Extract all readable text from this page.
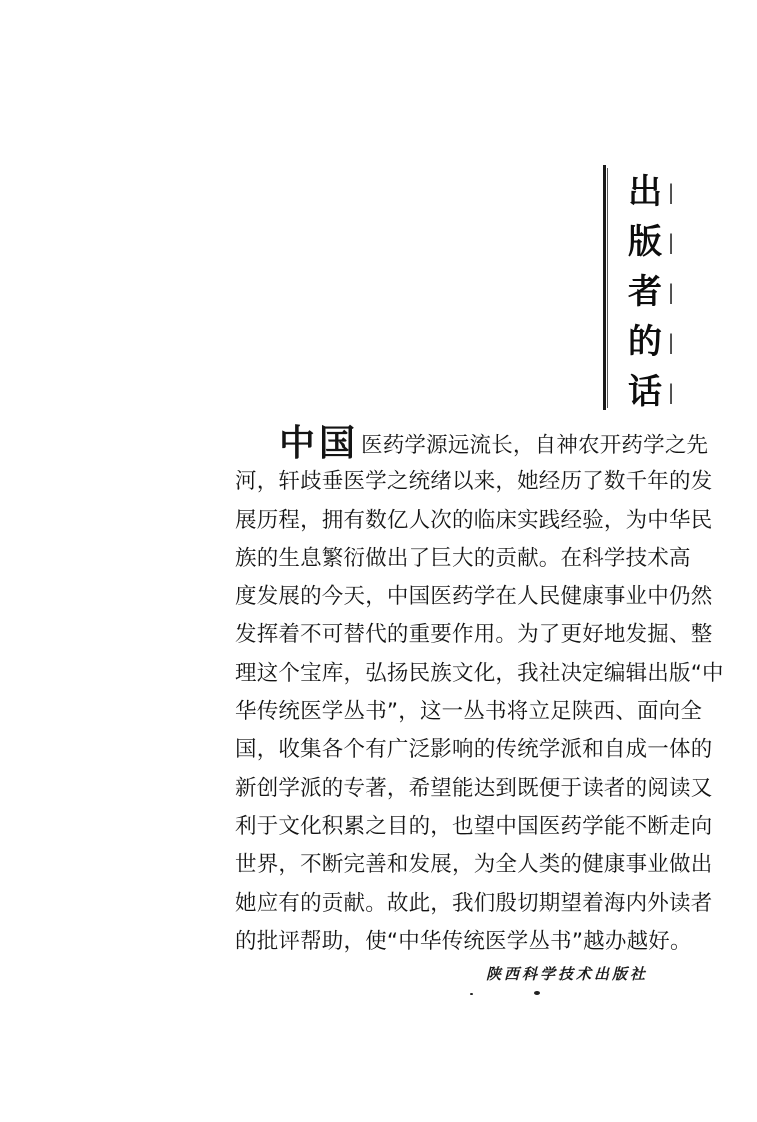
出 |
版 |
者 |
的 |
话 |
中国医药学源远流长，自神农开药学之先
河，轩歧垂医学之统绪以来，她经历了数千年的发
展历程，拥有数亿人次的临床实践经验，为中华民
族的生息繁衍做出了巨大的贡献。在科学技术高
度发展的今天，中国医药学在人民健康事业中仍然
发挥着不可替代的重要作用。为了更好地发掘、整
理这个宝库，弘扬民族文化，我社决定编辑出版“中
华传统医学丛书”，这一丛书将立足陕西、面向全
国，收集各个有广泛影响的传统学派和自成一体的
新创学派的专著，希望能达到既便于读者的阅读又
利于文化积累之目的，也望中国医药学能不断走向
世界，不断完善和发展，为全人类的健康事业做出
她应有的贡献。故此，我们殷切期望着海内外读者
的批评帮助，使“中华传统医学丛书”越办越好。
陕西科学技术出版社
